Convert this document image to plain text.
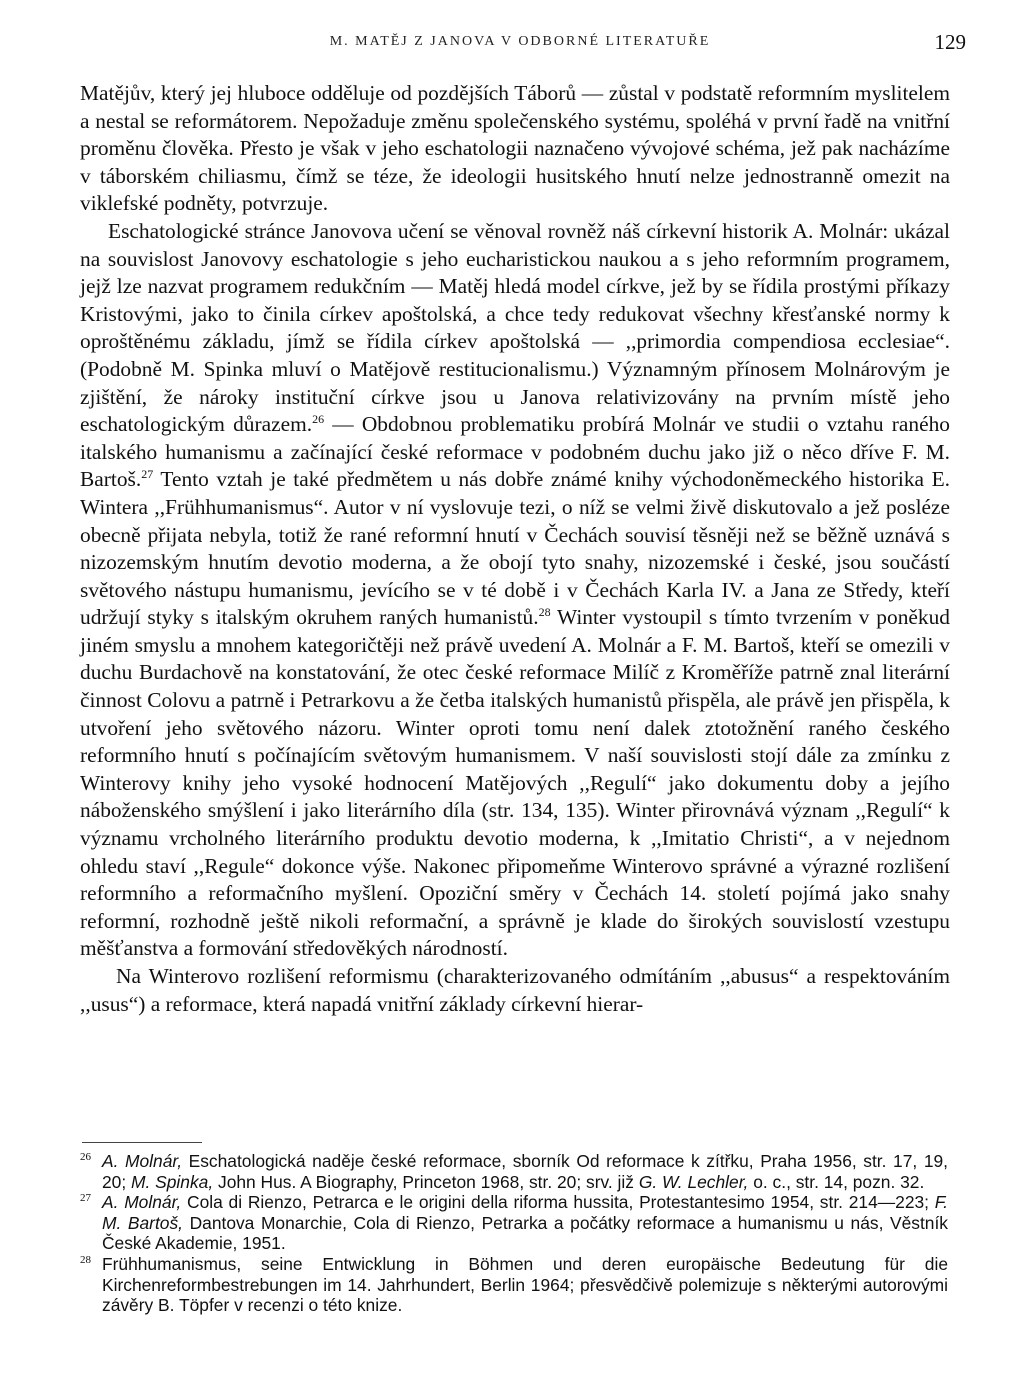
M. MATĚJ Z JANOVA V ODBORNÉ LITERATUŘE	129

Matějův, který jej hluboce odděluje od pozdějších Táborů — zůstal v podstatě reformním myslitelem a nestal se reformátorem. Nepožaduje změnu společenského systému, spoléhá v první řadě na vnitřní proměnu člověka. Přesto je však v jeho eschatologii naznačeno vývojové schéma, jež pak nacházíme v táborském chiliasmu, čímž se téze, že ideologii husitského hnutí nelze jednostranně omezit na viklefské podněty, potvrzuje.

Eschatologické stránce Janovova učení se věnoval rovněž náš církevní historik A. Molnár: ukázal na souvislost Janovovy eschatologie s jeho eucharistickou naukou a s jeho reformním programem, jejž lze nazvat programem redukčním — Matěj hledá model církve, jež by se řídila prostými příkazy Kristovými, jako to činila církev apoštolská, a chce tedy redukovat všechny křesťanské normy k oproštěnému základu, jímž se řídila církev apoštolská — ,,primordia compendiosa ecclesiae“. (Podobně M. Spinka mluví o Matějově restitucionalismu.) Významným přínosem Molnárovým je zjištění, že nároky instituční církve jsou u Janova relativizovány na prvním místě jeho eschatologickým důrazem.$^{26}$ — Obdobnou problematiku probírá Molnár ve studii o vztahu raného italského humanismu a začínající české reformace v podobném duchu jako již o něco dříve F. M. Bartoš.$^{27}$ Tento vztah je také předmětem u nás dobře známé knihy východoněmeckého historika E. Wintera ,,Frühhumanismus“. Autor v ní vyslovuje tezi, o níž se velmi živě diskutovalo a jež posléze obecně přijata nebyla, totiž že rané reformní hnutí v Čechách souvisí těsněji než se běžně uznává s nizozemským hnutím devotio moderna, a že obojí tyto snahy, nizozemské i české, jsou součástí světového nástupu humanismu, jevícího se v té době i v Čechách Karla IV. a Jana ze Středy, kteří udržují styky s italským okruhem raných humanistů.$^{28}$ Winter vystoupil s tímto tvrzením v poněkud jiném smyslu a mnohem kategoričtěji než právě uvedení A. Molnár a F. M. Bartoš, kteří se omezili v duchu Burdachově na konstatování, že otec české reformace Milíč z Kroměříže patrně znal literární činnost Colovu a patrně i Petrarkovu a že četba italských humanistů přispěla, ale právě jen přispěla, k utvoření jeho světového názoru. Winter oproti tomu není dalek ztotožnění raného českého reformního hnutí s počínajícím světovým humanismem. V naší souvislosti stojí dále za zmínku z Winterovy knihy jeho vysoké hodnocení Matějových ,,Regulí“ jako dokumentu doby a jejího náboženského smýšlení i jako literárního díla (str. 134, 135). Winter přirovnává význam ,,Regulí“ k významu vrcholného literárního produktu devotio moderna, k ,,Imitatio Christi“, a v nejednom ohledu staví ,,Regule“ dokonce výše. Nakonec připomeňme Winterovo správné a výrazné rozlišení reformního a reformačního myšlení. Opoziční směry v Čechách 14. století pojímá jako snahy reformní, rozhodně ještě nikoli reformační, a správně je klade do širokých souvislostí vzestupu měšťanstva a formování středověkých národností.

Na Winterovo rozlišení reformismu (charakterizovaného odmítáním ,,abusus“ a respektováním ,,usus“) a reformace, která napadá vnitřní základy církevní hierar-

26 A. Molnár, Eschatologická naděje české reformace, sborník Od reformace k zítřku, Praha 1956, str. 17, 19, 20; M. Spinka, John Hus. A Biography, Princeton 1968, str. 20; srv. již G. W. Lechler, o. c., str. 14, pozn. 32.

27 A. Molnár, Cola di Rienzo, Petrarca e le origini della riforma hussita, Protestantesimo 1954, str. 214—223; F. M. Bartoš, Dantova Monarchie, Cola di Rienzo, Petrarka a počátky reformace a humanismu u nás, Věstník České Akademie, 1951.

28 Frühhumanismus, seine Entwicklung in Böhmen und deren europäische Bedeutung für die Kirchenreformbestrebungen im 14. Jahrhundert, Berlin 1964; přesvědčivě polemizuje s některými autorovými závěry B. Töpfer v recenzi o této knize.
